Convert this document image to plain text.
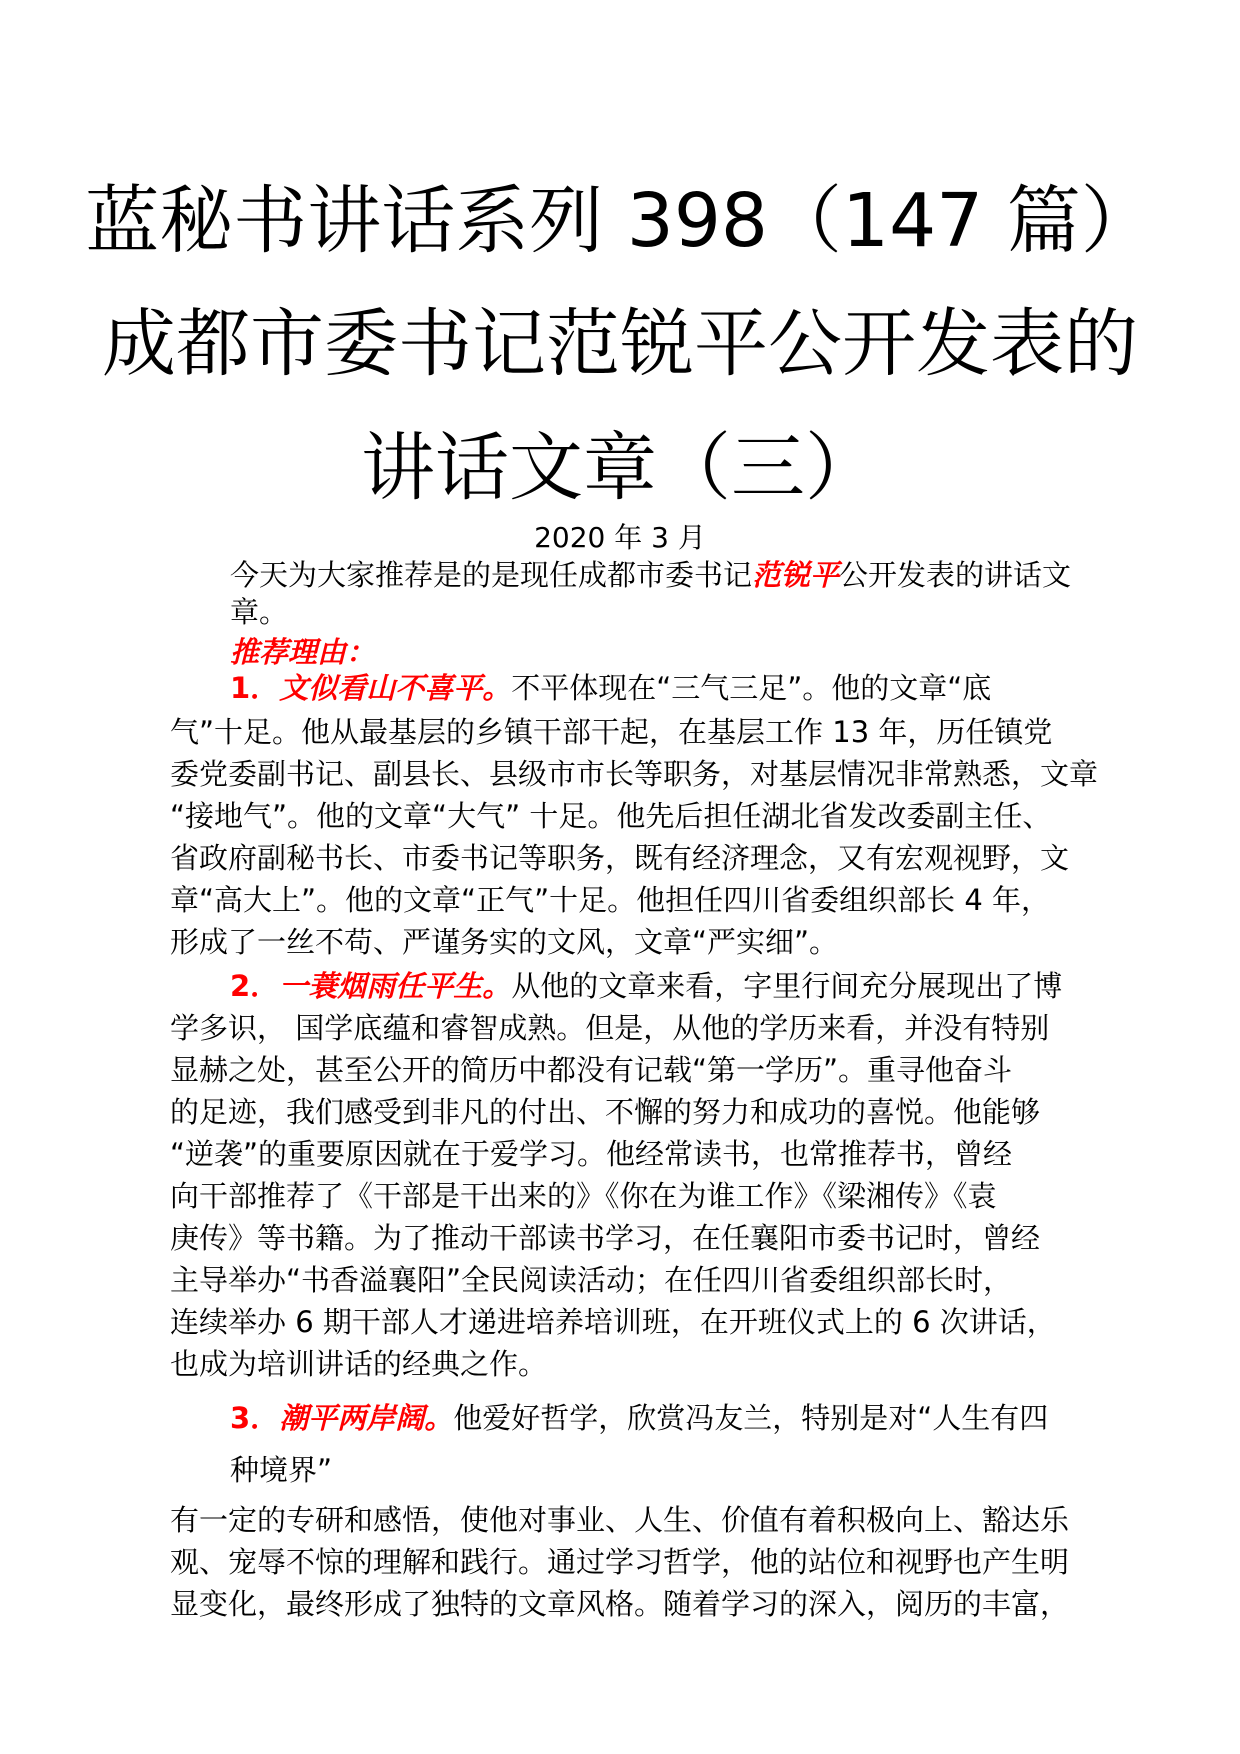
蓝秘书讲话系列 398（147 篇）
成都市委书记范锐平公开发表的
讲话文章（三）
2020 年 3 月
今天为大家推荐是的是现任成都市委书记范锐平公开发表的讲话文
章。
推荐理由：
1．文似看山不喜平。不平体现在“三气三足”。他的文章“底
气”十足。他从最基层的乡镇干部干起，在基层工作 13 年，历任镇党
委党委副书记、副县长、县级市市长等职务，对基层情况非常熟悉，文章
“接地气”。他的文章“大气” 十足。他先后担任湖北省发改委副主任、
省政府副秘书长、市委书记等职务，既有经济理念，又有宏观视野，文
章“高大上”。他的文章“正气”十足。他担任四川省委组织部长 4 年，
形成了一丝不苟、严谨务实的文风，文章“严实细”。
2．一蓑烟雨任平生。从他的文章来看，字里行间充分展现出了博
学多识， 国学底蕴和睿智成熟。但是，从他的学历来看，并没有特别
显赫之处，甚至公开的简历中都没有记载“第一学历”。重寻他奋斗
的足迹，我们感受到非凡的付出、不懈的努力和成功的喜悦。他能够
“逆袭”的重要原因就在于爱学习。他经常读书，也常推荐书，曾经
向干部推荐了《干部是干出来的》《你在为谁工作》《梁湘传》《袁
庚传》等书籍。为了推动干部读书学习，在任襄阳市委书记时，曾经
主导举办“书香溢襄阳”全民阅读活动；在任四川省委组织部长时，
连续举办 6 期干部人才递进培养培训班，在开班仪式上的 6 次讲话，
也成为培训讲话的经典之作。
3．潮平两岸阔。他爱好哲学，欣赏冯友兰，特别是对“人生有四
种境界”
有一定的专研和感悟，使他对事业、人生、价值有着积极向上、豁达乐
观、宠辱不惊的理解和践行。通过学习哲学，他的站位和视野也产生明
显变化，最终形成了独特的文章风格。随着学习的深入，阅历的丰富，
